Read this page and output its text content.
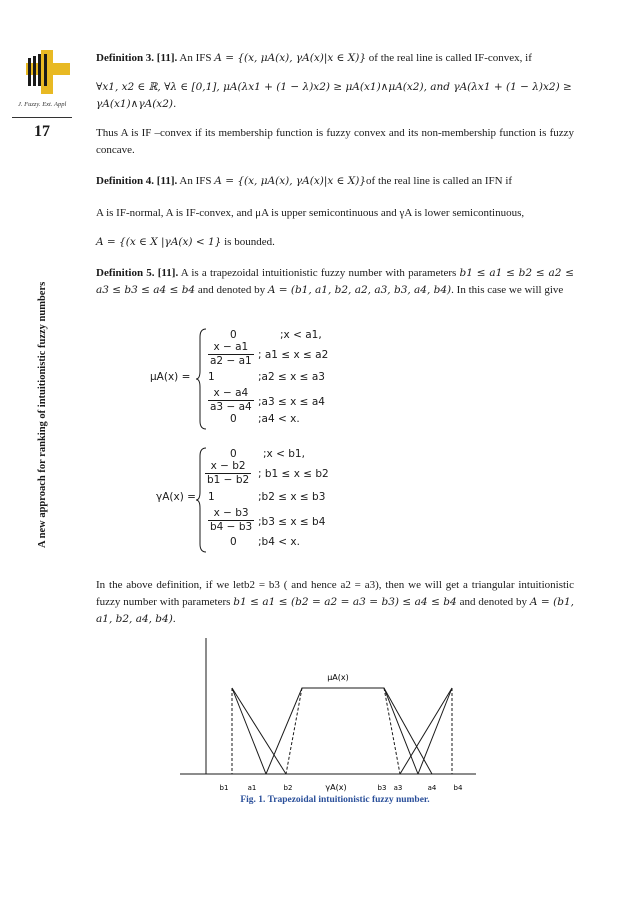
J. Fuzzy. Ext. Appl
17
A new approach for ranking of intuitionistic fuzzy numbers
Definition 3. [11]. An IFS A = {(x, μA(x), γA(x)|x ∈ X)} of the real line is called IF-convex, if
∀x1, x2 ∈ ℝ, ∀λ ∈ [0,1], μA(λx1 + (1 − λ)x2) ≥ μA(x1)∧μA(x2), and γA(λx1 + (1 − λ)x2) ≥ γA(x1)∧γA(x2).
Thus A is IF –convex if its membership function is fuzzy convex and its non-membership function is fuzzy concave.
Definition 4. [11]. An IFS A = {(x, μA(x), γA(x)|x ∈ X)}of the real line is called an IFN if
A is IF-normal, A is IF-convex, and μA is upper semicontinuous and γA is lower semicontinuous,
A = {(x ∈ X |γA(x) < 1} is bounded.
Definition 5. [11]. A is a trapezoidal intuitionistic fuzzy number with parameters b1 ≤ a1 ≤ b2 ≤ a2 ≤ a3 ≤ b3 ≤ a4 ≤ b4 and denoted by A = (b1, a1, b2, a2, a3, b3, a4, b4). In this case we will give
μA(x) =
0	;x < a1,
$\frac{x - a1}{a2 - a1}$ ; a1 ≤ x ≤ a2
1	;a2 ≤ x ≤ a3
$\frac{x - a4}{a3 - a4}$ ;a3 ≤ x ≤ a4
0 ;a4 < x.
γA(x) =
0	;x < b1,
$\frac{x - b2}{b1 - b2}$ ; b1 ≤ x ≤ b2
1	;b2 ≤ x ≤ b3
$\frac{x - b3}{b4 - b3}$ ;b3 ≤ x ≤ b4
0 ;b4 < x.
In the above definition, if we letb2 = b3 ( and hence a2 = a3), then we will get a triangular intuitionistic fuzzy number with parameters b1 ≤ a1 ≤ (b2 = a2 = a3 = b3) ≤ a4 ≤ b4 and denoted by A = (b1, a1, b2, a4, b4).
μA(x)
γA(x)
b1	a1	b2	b3 a3	a4 b4
Fig. 1. Trapezoidal intuitionistic fuzzy number.
